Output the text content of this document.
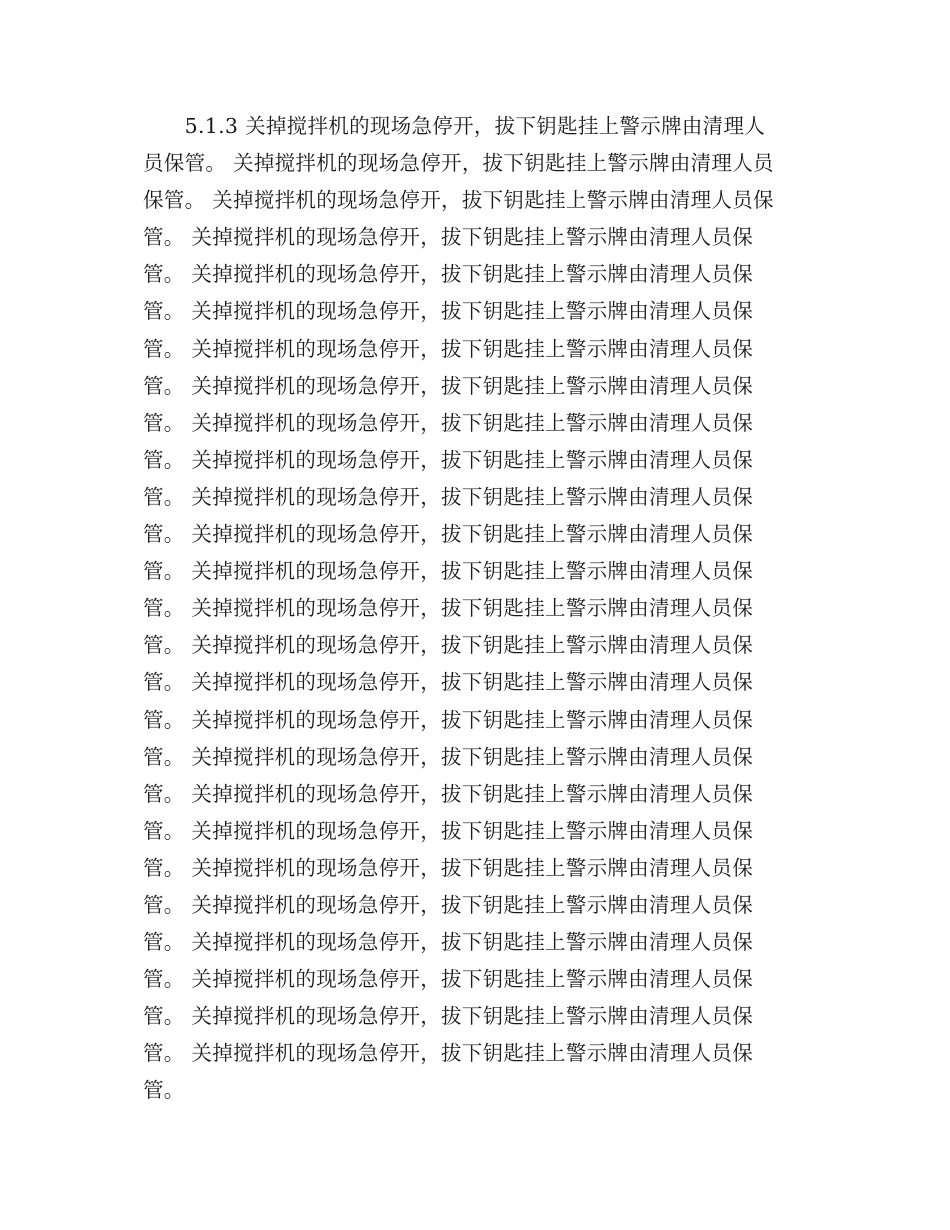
　　5.1.3 关掉搅拌机的现场急停开，拔下钥匙挂上警示牌由清理人
员保管。 关掉搅拌机的现场急停开，拔下钥匙挂上警示牌由清理人员
保管。 关掉搅拌机的现场急停开，拔下钥匙挂上警示牌由清理人员保
管。 关掉搅拌机的现场急停开，拔下钥匙挂上警示牌由清理人员保
管。 关掉搅拌机的现场急停开，拔下钥匙挂上警示牌由清理人员保
管。 关掉搅拌机的现场急停开，拔下钥匙挂上警示牌由清理人员保
管。 关掉搅拌机的现场急停开，拔下钥匙挂上警示牌由清理人员保
管。 关掉搅拌机的现场急停开，拔下钥匙挂上警示牌由清理人员保
管。 关掉搅拌机的现场急停开，拔下钥匙挂上警示牌由清理人员保
管。 关掉搅拌机的现场急停开，拔下钥匙挂上警示牌由清理人员保
管。 关掉搅拌机的现场急停开，拔下钥匙挂上警示牌由清理人员保
管。 关掉搅拌机的现场急停开，拔下钥匙挂上警示牌由清理人员保
管。 关掉搅拌机的现场急停开，拔下钥匙挂上警示牌由清理人员保
管。 关掉搅拌机的现场急停开，拔下钥匙挂上警示牌由清理人员保
管。 关掉搅拌机的现场急停开，拔下钥匙挂上警示牌由清理人员保
管。 关掉搅拌机的现场急停开，拔下钥匙挂上警示牌由清理人员保
管。 关掉搅拌机的现场急停开，拔下钥匙挂上警示牌由清理人员保
管。 关掉搅拌机的现场急停开，拔下钥匙挂上警示牌由清理人员保
管。 关掉搅拌机的现场急停开，拔下钥匙挂上警示牌由清理人员保
管。 关掉搅拌机的现场急停开，拔下钥匙挂上警示牌由清理人员保
管。 关掉搅拌机的现场急停开，拔下钥匙挂上警示牌由清理人员保
管。 关掉搅拌机的现场急停开，拔下钥匙挂上警示牌由清理人员保
管。 关掉搅拌机的现场急停开，拔下钥匙挂上警示牌由清理人员保
管。 关掉搅拌机的现场急停开，拔下钥匙挂上警示牌由清理人员保
管。 关掉搅拌机的现场急停开，拔下钥匙挂上警示牌由清理人员保
管。 关掉搅拌机的现场急停开，拔下钥匙挂上警示牌由清理人员保
管。
